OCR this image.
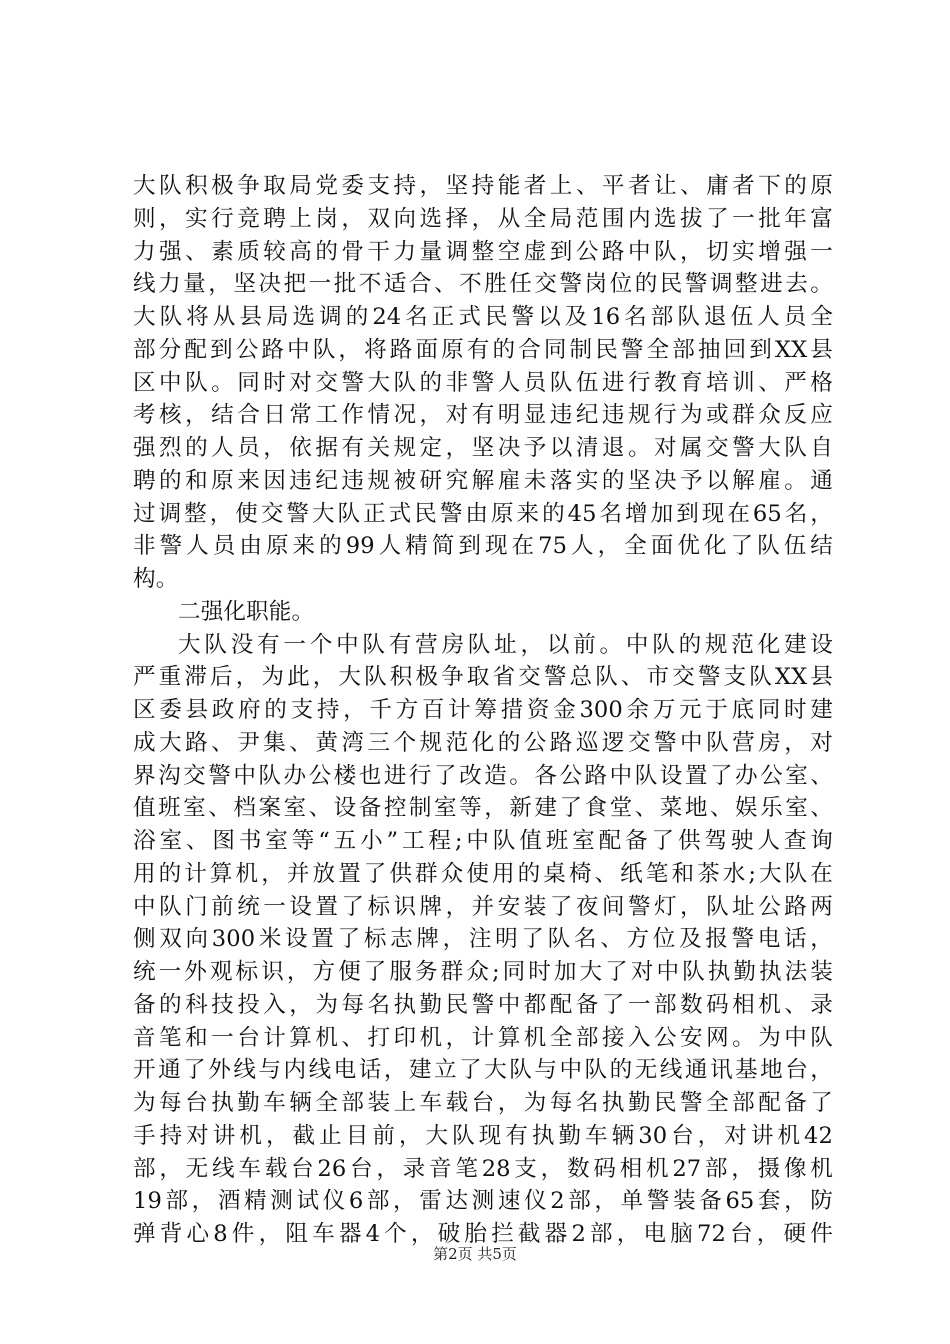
大队积极争取局党委支持，坚持能者上、平者让、庸者下的原
则，实行竞聘上岗，双向选择，从全局范围内选拔了一批年富
力强、素质较高的骨干力量调整空虚到公路中队，切实增强一
线力量，坚决把一批不适合、不胜任交警岗位的民警调整进去。
大队将从县局选调的24名正式民警以及16名部队退伍人员全
部分配到公路中队，将路面原有的合同制民警全部抽回到XX县
区中队。同时对交警大队的非警人员队伍进行教育培训、严格
考核，结合日常工作情况，对有明显违纪违规行为或群众反应
强烈的人员，依据有关规定，坚决予以清退。对属交警大队自
聘的和原来因违纪违规被研究解雇未落实的坚决予以解雇。通
过调整，使交警大队正式民警由原来的45名增加到现在65名，
非警人员由原来的99人精简到现在75人，全面优化了队伍结
构。
二强化职能。
大队没有一个中队有营房队址，以前。中队的规范化建设
严重滞后，为此，大队积极争取省交警总队、市交警支队XX县
区委县政府的支持，千方百计筹措资金300余万元于底同时建
成大路、尹集、黄湾三个规范化的公路巡逻交警中队营房，对
界沟交警中队办公楼也进行了改造。各公路中队设置了办公室、
值班室、档案室、设备控制室等，新建了食堂、菜地、娱乐室、
浴室、图书室等“五小”工程;中队值班室配备了供驾驶人查询
用的计算机，并放置了供群众使用的桌椅、纸笔和茶水;大队在
中队门前统一设置了标识牌，并安装了夜间警灯，队址公路两
侧双向300米设置了标志牌，注明了队名、方位及报警电话，
统一外观标识，方便了服务群众;同时加大了对中队执勤执法装
备的科技投入，为每名执勤民警中都配备了一部数码相机、录
音笔和一台计算机、打印机，计算机全部接入公安网。为中队
开通了外线与内线电话，建立了大队与中队的无线通讯基地台，
为每台执勤车辆全部装上车载台，为每名执勤民警全部配备了
手持对讲机，截止目前，大队现有执勤车辆30台，对讲机42
部，无线车载台26台，录音笔28支，数码相机27部，摄像机
19部，酒精测试仪6部，雷达测速仪2部，单警装备65套，防
弹背心8件，阻车器4个，破胎拦截器2部，电脑72台，硬件
第2页 共5页
